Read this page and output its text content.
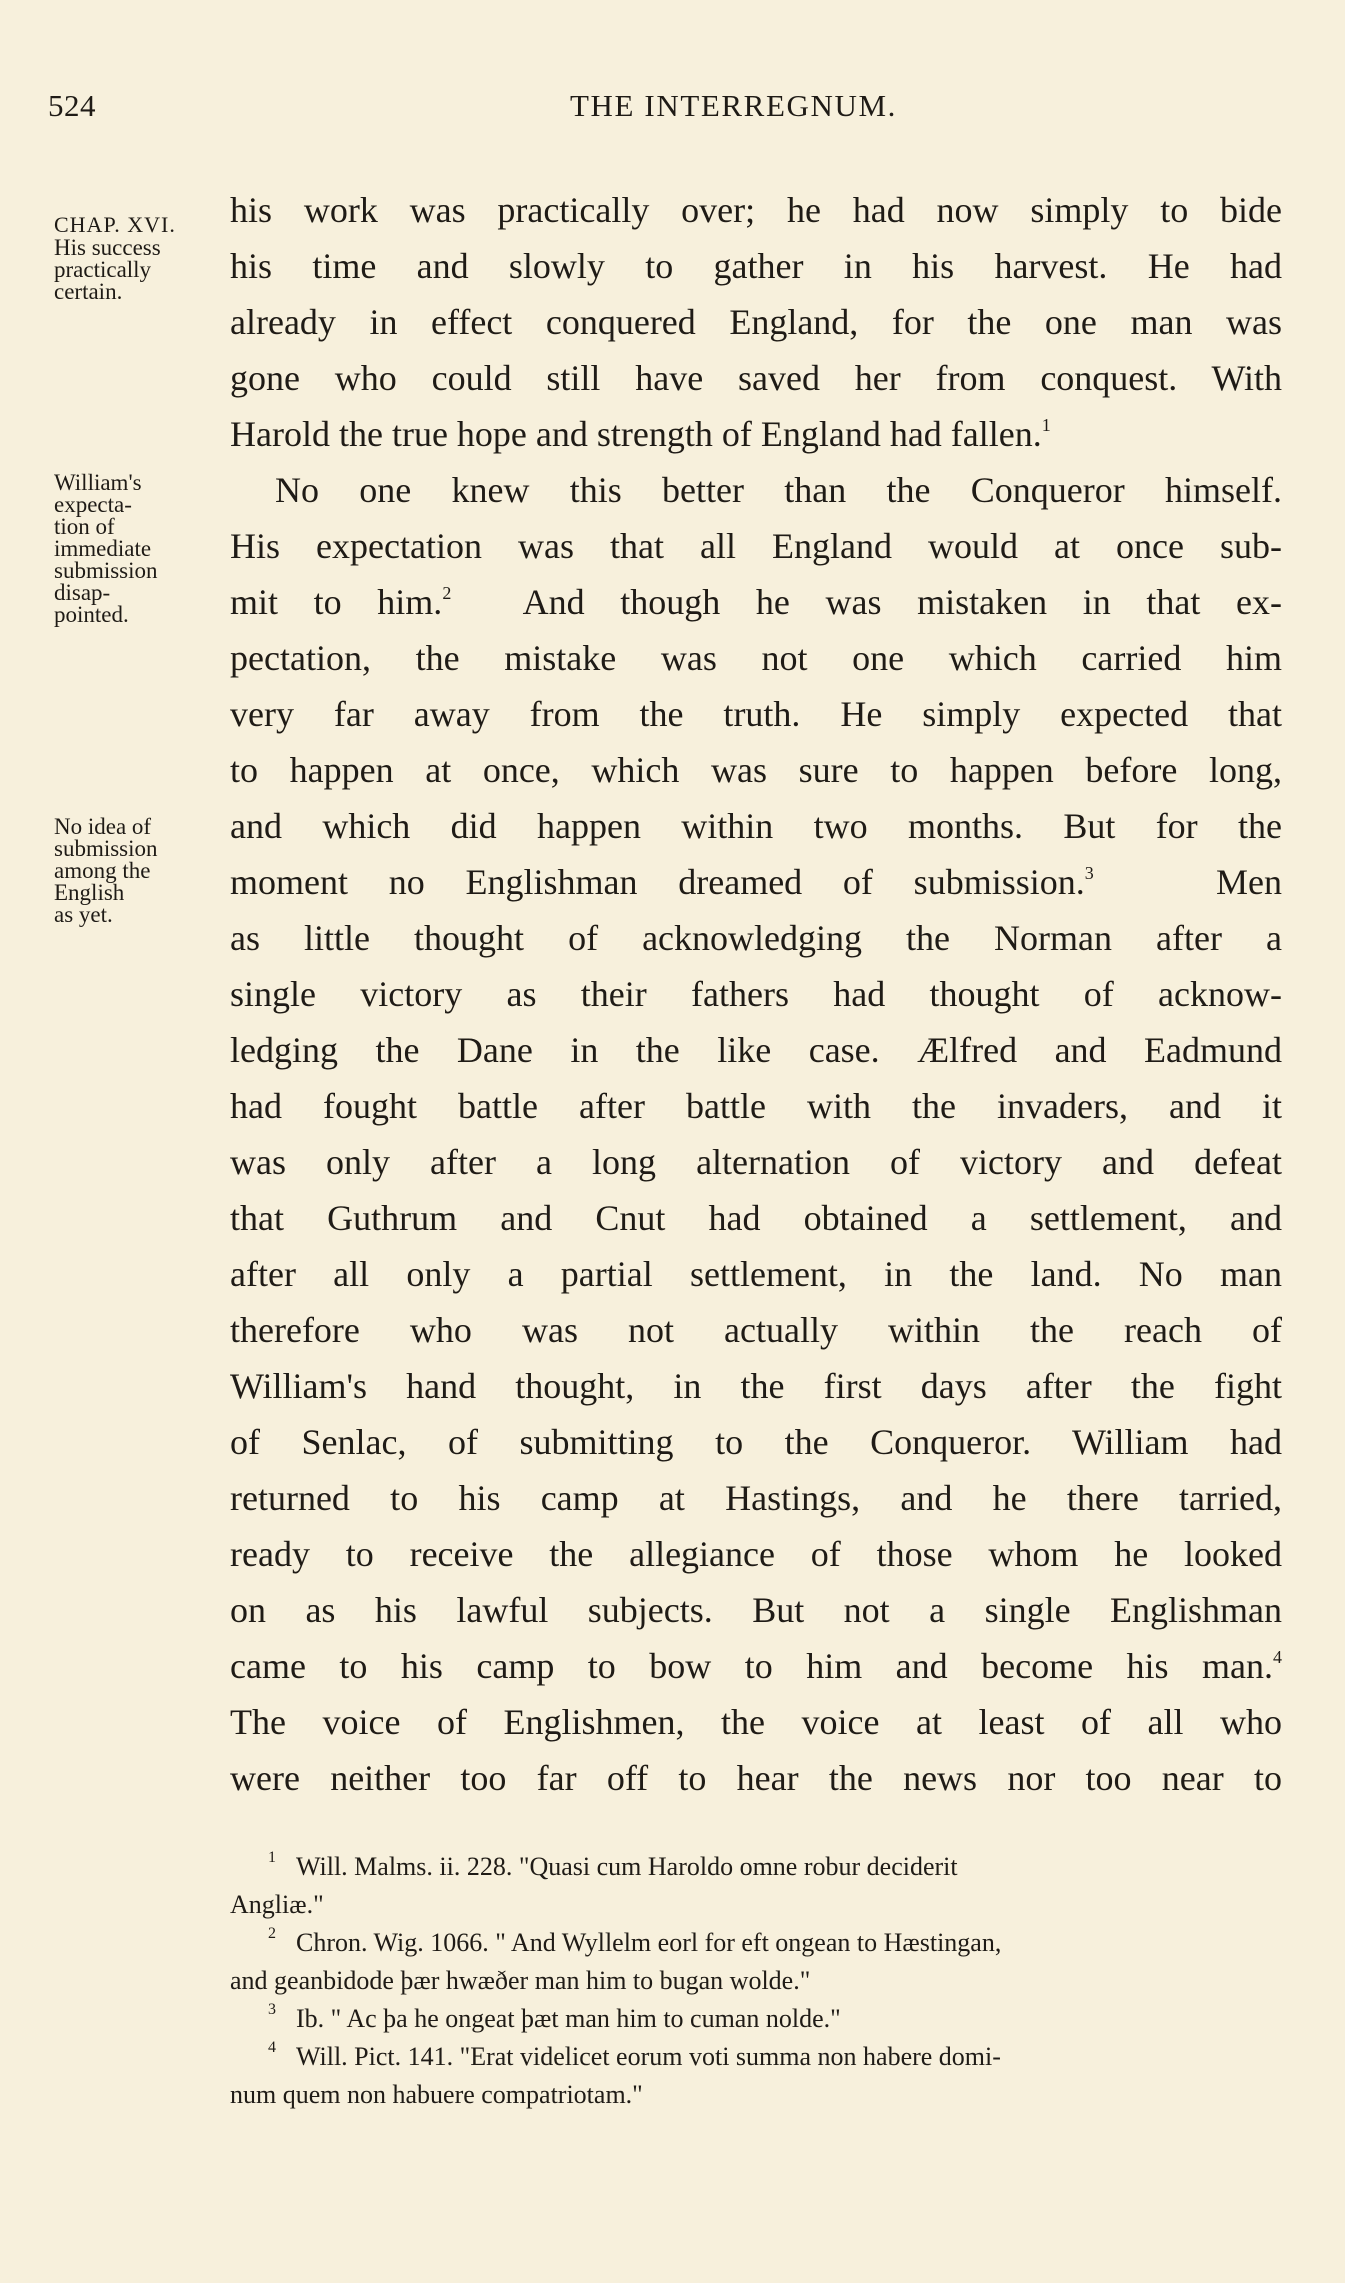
524	THE INTERREGNUM.
CHAP. XVI.
His success
practically
certain.
William's
expecta-
tion of
immediate
submission
disap-
pointed.
No idea of
submission
among the
English
as yet.
his work was practically over; he had now simply to bide
his time and slowly to gather in his harvest. He had
already in effect conquered England, for the one man was
gone who could still have saved her from conquest. With
Harold the true hope and strength of England had fallen.$^1$
No one knew this better than the Conqueror himself.
His expectation was that all England would at once sub-
mit to him.$^2$ And though he was mistaken in that ex-
pectation, the mistake was not one which carried him
very far away from the truth. He simply expected that
to happen at once, which was sure to happen before long,
and which did happen within two months. But for the
moment no Englishman dreamed of submission.$^3$	Men
as little thought of acknowledging the Norman after a
single victory as their fathers had thought of acknow-
ledging the Dane in the like case. Ælfred and Eadmund
had fought battle after battle with the invaders, and it
was only after a long alternation of victory and defeat
that Guthrum and Cnut had obtained a settlement, and
after all only a partial settlement, in the land. No man
therefore who was not actually within the reach of
William's hand thought, in the first days after the fight
of Senlac, of submitting to the Conqueror. William had
returned to his camp at Hastings, and he there tarried,
ready to receive the allegiance of those whom he looked
on as his lawful subjects. But not a single Englishman
came to his camp to bow to him and become his man.$^4$
The voice of Englishmen, the voice at least of all who
were neither too far off to hear the news nor too near to
$^1$ Will. Malms. ii. 228. "Quasi cum Haroldo omne robur deciderit
Angliæ."
$^2$ Chron. Wig. 1066. " And Wyllelm eorl for eft ongean to Hæstingan,
and geanbidode þær hwæðer man him to bugan wolde."
$^3$ Ib. " Ac þa he ongeat þæt man him to cuman nolde."
$^4$ Will. Pict. 141. "Erat videlicet eorum voti summa non habere domi-
num quem non habuere compatriotam."
